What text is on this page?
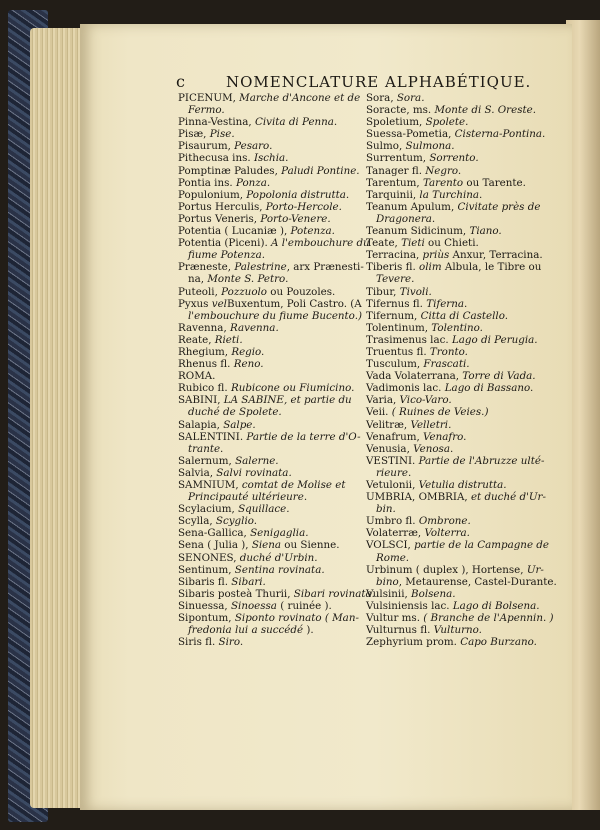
c	NOMENCLATURE ALPHABÉTIQUE.
PICENUM, Marche d'Ancone et de
Fermo.
Pinna-Vestina, Civita di Penna.
Pisæ, Pise.
Pisaurum, Pesaro.
Pithecusa ins. Ischia.
Pomptinæ Paludes, Paludi Pontine.
Pontia ins. Ponza.
Populonium, Popolonia distrutta.
Portus Herculis, Porto-Hercole.
Portus Veneris, Porto-Venere.
Potentia ( Lucaniæ ), Potenza.
Potentia (Piceni). A l'embouchure du
fiume Potenza.
Præneste, Palestrine, arx Prænesti-
na, Monte S. Petro.
Puteoli, Pozzuolo ou Pouzoles.
Pyxus velBuxentum, Poli Castro. (A
l'embouchure du fiume Bucento.)
Ravenna, Ravenna.
Reate, Rieti.
Rhegium, Regio.
Rhenus fl. Reno.
ROMA.
Rubico fl. Rubicone ou Fiumicino.
SABINI, LA SABINE, et partie du
duché de Spolete.
Salapia, Salpe.
SALENTINI. Partie de la terre d'O-
trante.
Salernum, Salerne.
Salvia, Salvi rovinata.
SAMNIUM, comtat de Molise et
Principauté ultérieure.
Scylacium, Squillace.
Scylla, Scyglio.
Sena-Gallica, Senigaglia.
Sena ( Julia ), Siena ou Sienne.
SENONES, duché d'Urbin.
Sentinum, Sentina rovinata.
Sibaris fl. Sibari.
Sibaris posteà Thurii, Sibari rovinata.
Sinuessa, Sinoessa ( ruinée ).
Sipontum, Siponto rovinato ( Man-
fredonia lui a succédé ).
Siris fl. Siro.
Sora, Sora.
Soracte, ms. Monte di S. Oreste.
Spoletium, Spolete.
Suessa-Pometia, Cisterna-Pontina.
Sulmo, Sulmona.
Surrentum, Sorrento.
Tanager fl. Negro.
Tarentum, Tarento ou Tarente.
Tarquinii, la Turchina.
Teanum Apulum, Civitate près de
Dragonera.
Teanum Sidicinum, Tiano.
Teate, Tieti ou Chieti.
Terracina, priùs Anxur, Terracina.
Tiberis fl. olim Albula, le Tibre ou
Tevere.
Tibur, Tivoli.
Tifernus fl. Tiferna.
Tifernum, Citta di Castello.
Tolentinum, Tolentino.
Trasimenus lac. Lago di Perugia.
Truentus fl. Tronto.
Tusculum, Frascati.
Vada Volaterrana, Torre di Vada.
Vadimonis lac. Lago di Bassano.
Varia, Vico-Varo.
Veii. ( Ruines de Veies.)
Velitræ, Velletri.
Venafrum, Venafro.
Venusia, Venosa.
VESTINI. Partie de l'Abruzze ulté-
rieure.
Vetulonii, Vetulia distrutta.
UMBRIA, OMBRIA, et duché d'Ur-
bin.
Umbro fl. Ombrone.
Volaterræ, Volterra.
VOLSCI, partie de la Campagne de
Rome.
Urbinum ( duplex ), Hortense, Ur-
bino, Metaurense, Castel-Durante.
Vulsinii, Bolsena.
Vulsiniensis lac. Lago di Bolsena.
Vultur ms. ( Branche de l'Apennin. )
Vulturnus fl. Vulturno.
Zephyrium prom. Capo Burzano.
